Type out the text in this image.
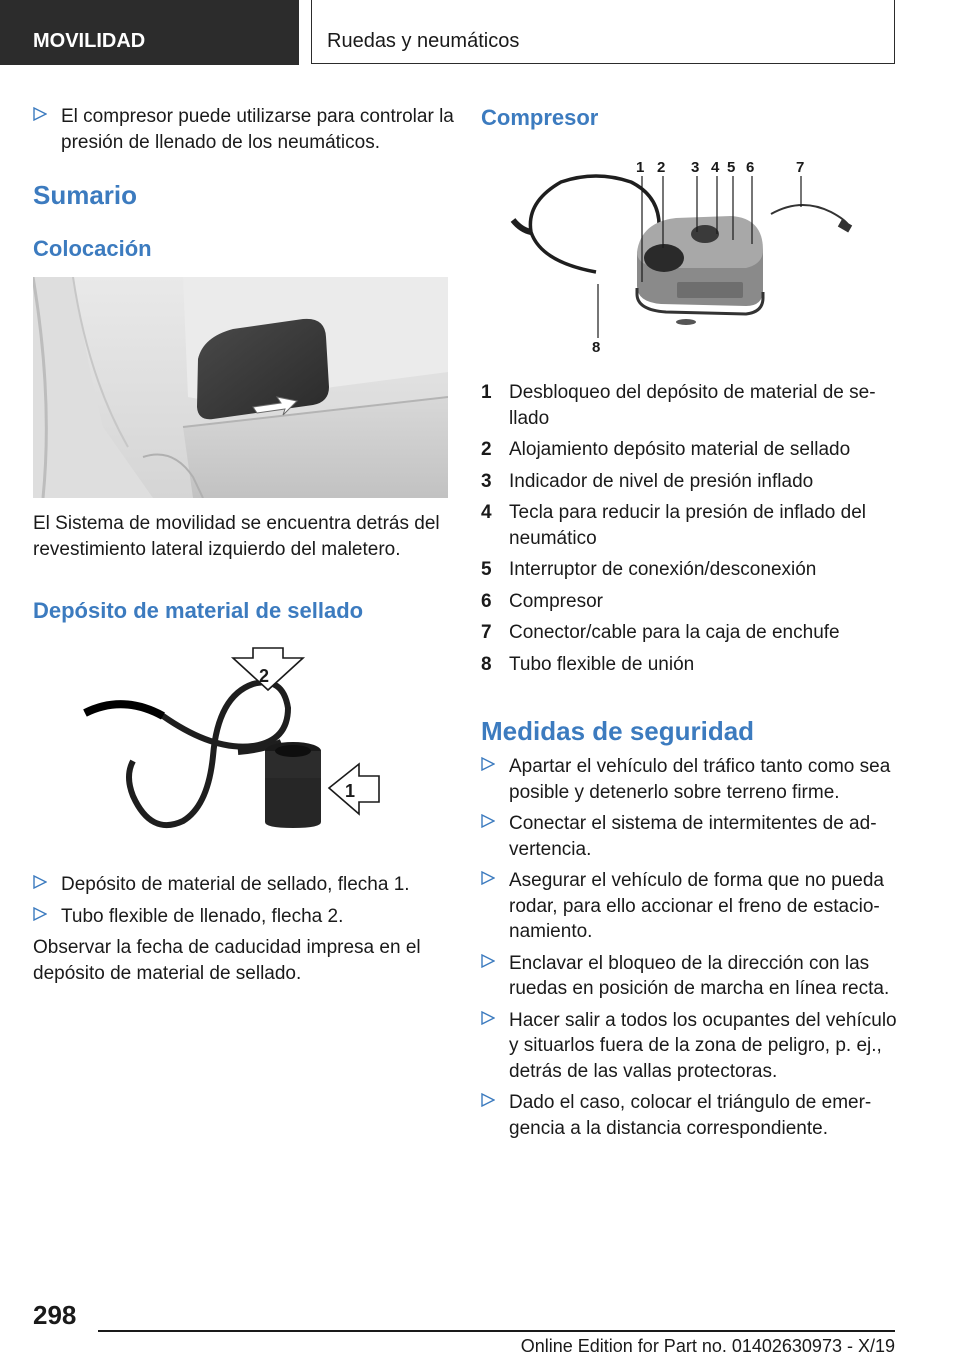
MOVILIDAD	Ruedas y neumáticos
El compresor puede utilizarse para controlar la presión de llenado de los neumáticos.
Sumario
Colocación

El Sistema de movilidad se encuentra detrás del revestimiento lateral izquierdo del maletero.

Depósito de material de sellado
2
1
Depósito de material de sellado, flecha 1.
Tubo flexible de llenado, flecha 2.

Observar la fecha de caducidad impresa en el depósito de material de sellado.

Compresor
1 2 3 4 5 6	7
8
1 Desbloqueo del depósito de material de sellado
2 Alojamiento depósito material de sellado
3 Indicador de nivel de presión inflado
4 Tecla para reducir la presión de inflado del neumático
5 Interruptor de conexión/desconexión
6 Compresor
7 Conector/cable para la caja de enchufe
8 Tubo flexible de unión
Medidas de seguridad
Apartar el vehículo del tráfico tanto como sea posible y detenerlo sobre terreno firme.
Conectar el sistema de intermitentes de advertencia.
Asegurar el vehículo de forma que no pueda rodar, para ello accionar el freno de estacionamiento.
Enclavar el bloqueo de la dirección con las ruedas en posición de marcha en línea recta.
Hacer salir a todos los ocupantes del vehículo y situarlos fuera de la zona de peligro, p. ej., detrás de las vallas protectoras.
Dado el caso, colocar el triángulo de emergencia a la distancia correspondiente.
298
Online Edition for Part no. 01402630973 - X/19
